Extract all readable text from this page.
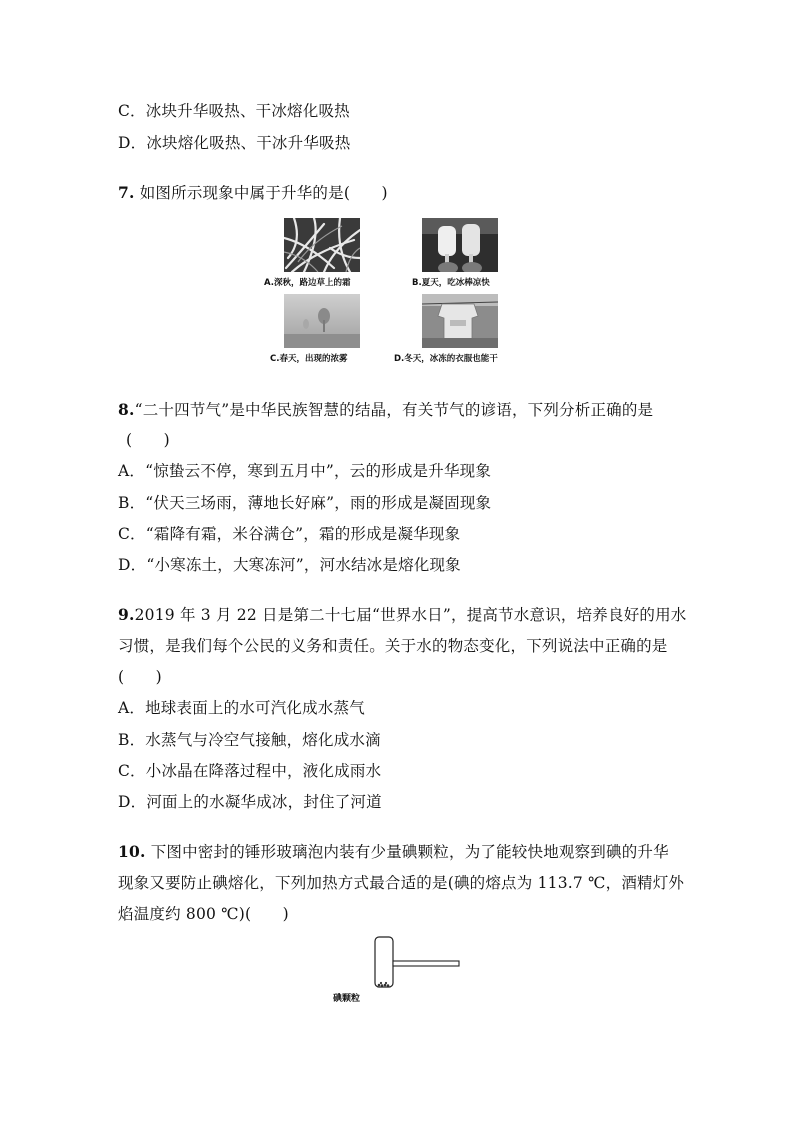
C．冰块升华吸热、干冰熔化吸热
D．冰块熔化吸热、干冰升华吸热
7. 如图所示现象中属于升华的是(　　)
A.深秋，路边草上的霜	B.夏天，吃冰棒凉快
C.春天，出现的浓雾	D.冬天，冰冻的衣服也能干
8.“二十四节气”是中华民族智慧的结晶，有关节气的谚语，下列分析正确的是
(　　)
A．“惊蛰云不停，寒到五月中”，云的形成是升华现象
B．“伏天三场雨，薄地长好麻”，雨的形成是凝固现象
C．“霜降有霜，米谷满仓”，霜的形成是凝华现象
D．“小寒冻土，大寒冻河”，河水结冰是熔化现象
9.2019 年 3 月 22 日是第二十七届“世界水日”，提高节水意识，培养良好的用水
习惯，是我们每个公民的义务和责任。关于水的物态变化，下列说法中正确的是
(　　)
A．地球表面上的水可汽化成水蒸气
B．水蒸气与冷空气接触，熔化成水滴
C．小冰晶在降落过程中，液化成雨水
D．河面上的水凝华成冰，封住了河道
10. 下图中密封的锤形玻璃泡内装有少量碘颗粒，为了能较快地观察到碘的升华
现象又要防止碘熔化，下列加热方式最合适的是(碘的熔点为 113.7 ℃，酒精灯外
焰温度约 800 ℃)(　　)
碘颗粒
